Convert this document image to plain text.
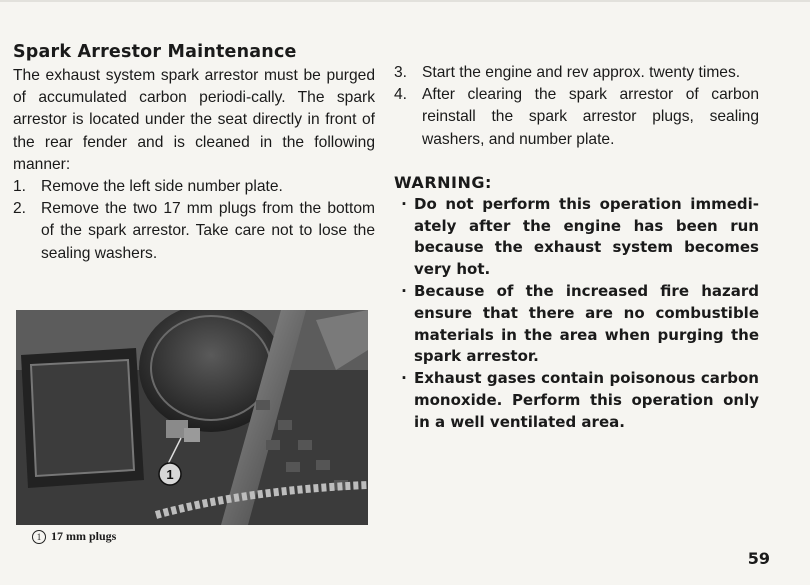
Spark Arrestor Maintenance

The exhaust system spark arrestor must be purged of accumulated carbon periodi-cally. The spark arrestor is located under the seat directly in front of the rear fender and is cleaned in the following manner:

1. Remove the left side number plate.
2. Remove the two 17 mm plugs from the bottom of the spark arrestor. Take care not to lose the sealing washers.
1
1 17 mm plugs
3. Start the engine and rev approx. twenty times.
4. After clearing the spark arrestor of carbon reinstall the spark arrestor plugs, sealing washers, and number plate.
WARNING:
· Do not perform this operation immedi-ately after the engine has been run because the exhaust system becomes very hot.
· Because of the increased fire hazard ensure that there are no combustible materials in the area when purging the spark arrestor.
· Exhaust gases contain poisonous carbon monoxide. Perform this operation only in a well ventilated area.
59
